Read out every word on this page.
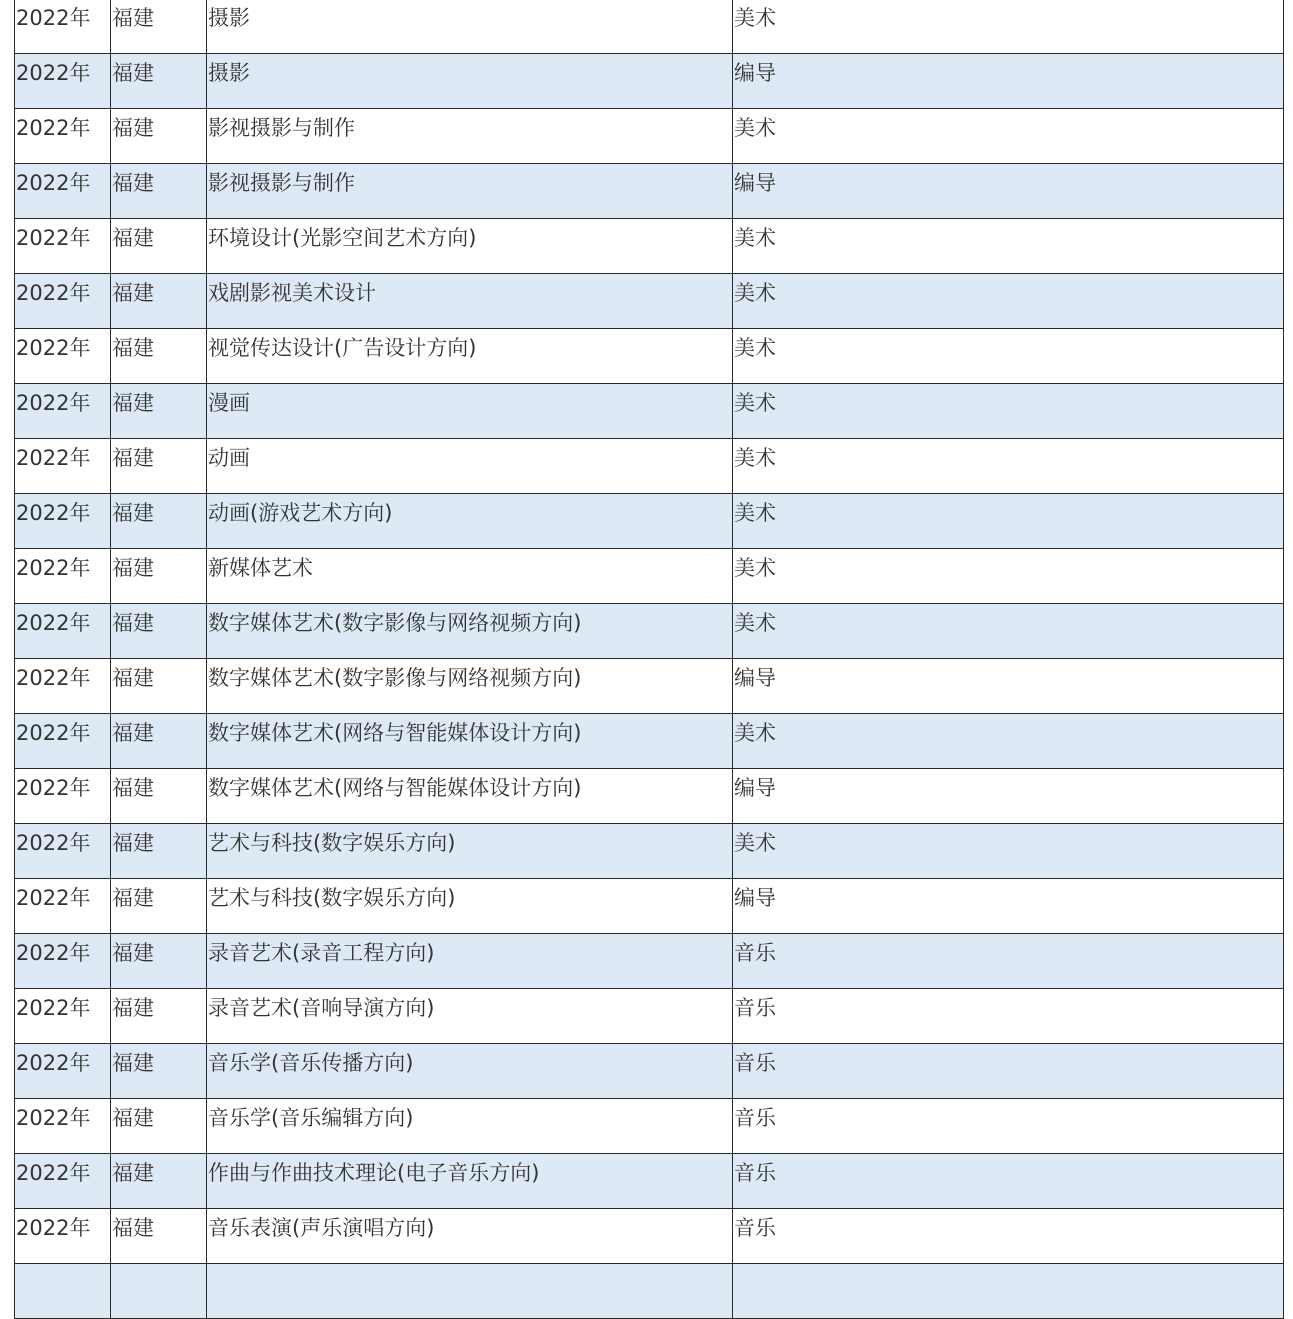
2022年	福建	摄影	美术
2022年	福建	摄影	编导
2022年	福建	影视摄影与制作	美术
2022年	福建	影视摄影与制作	编导
2022年	福建	环境设计(光影空间艺术方向)	美术
2022年	福建	戏剧影视美术设计	美术
2022年	福建	视觉传达设计(广告设计方向)	美术
2022年	福建	漫画	美术
2022年	福建	动画	美术
2022年	福建	动画(游戏艺术方向)	美术
2022年	福建	新媒体艺术	美术
2022年	福建	数字媒体艺术(数字影像与网络视频方向)	美术
2022年	福建	数字媒体艺术(数字影像与网络视频方向)	编导
2022年	福建	数字媒体艺术(网络与智能媒体设计方向)	美术
2022年	福建	数字媒体艺术(网络与智能媒体设计方向)	编导
2022年	福建	艺术与科技(数字娱乐方向)	美术
2022年	福建	艺术与科技(数字娱乐方向)	编导
2022年	福建	录音艺术(录音工程方向)	音乐
2022年	福建	录音艺术(音响导演方向)	音乐
2022年	福建	音乐学(音乐传播方向)	音乐
2022年	福建	音乐学(音乐编辑方向)	音乐
2022年	福建	作曲与作曲技术理论(电子音乐方向)	音乐
2022年	福建	音乐表演(声乐演唱方向)	音乐
